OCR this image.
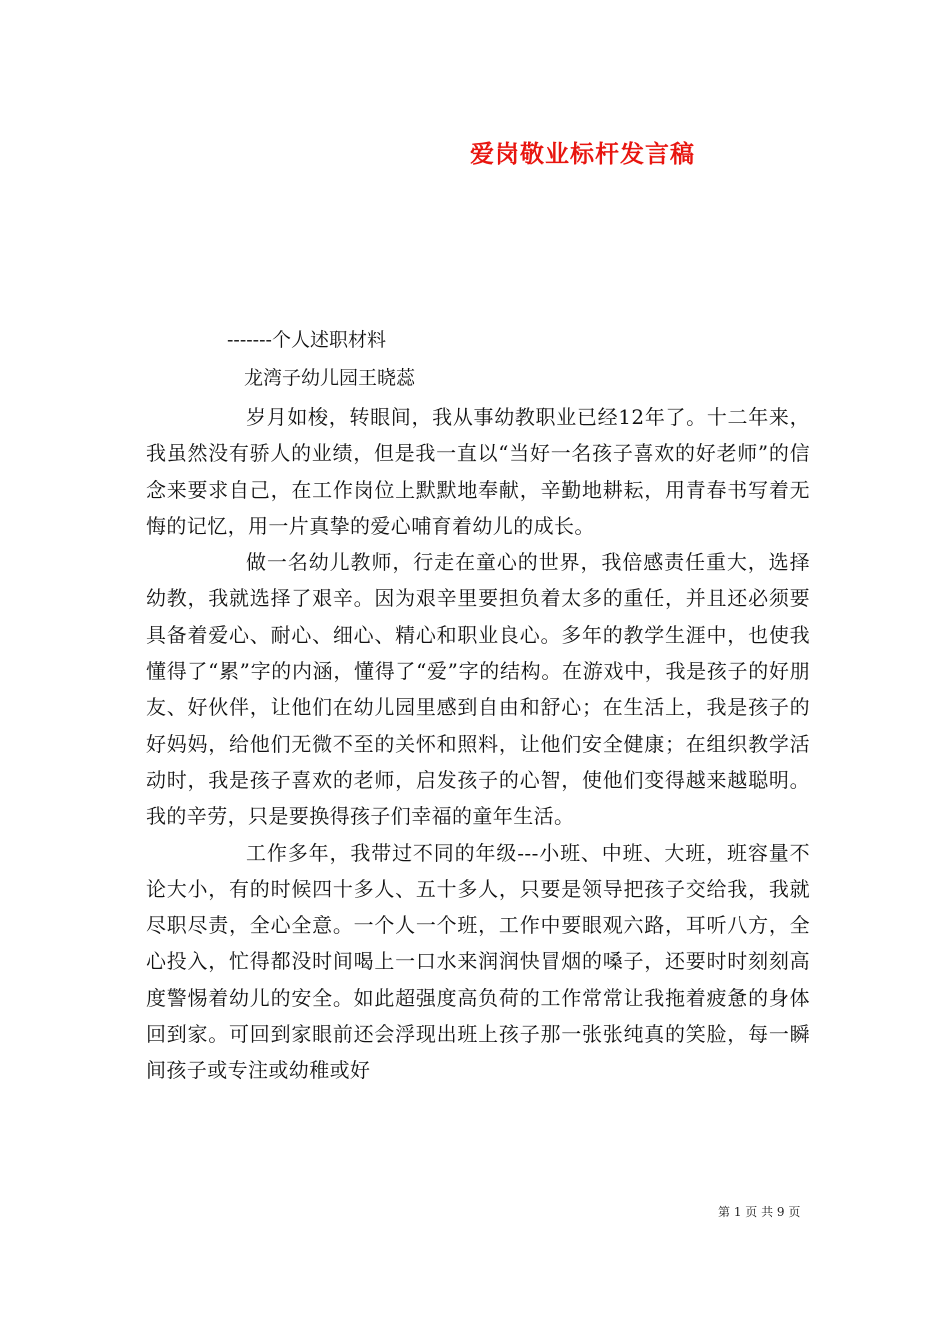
爱岗敬业标杆发言稿
-------个人述职材料
龙湾子幼儿园王晓蕊

岁月如梭，转眼间，我从事幼教职业已经12年了。十二年来，我虽然没有骄人的业绩，但是我一直以“当好一名孩子喜欢的好老师”的信念来要求自己，在工作岗位上默默地奉献，辛勤地耕耘，用青春书写着无悔的记忆，用一片真挚的爱心哺育着幼儿的成长。

做一名幼儿教师，行走在童心的世界，我倍感责任重大，选择幼教，我就选择了艰辛。因为艰辛里要担负着太多的重任，并且还必须要具备着爱心、耐心、细心、精心和职业良心。多年的教学生涯中，也使我懂得了“累”字的内涵，懂得了“爱”字的结构。在游戏中，我是孩子的好朋友、好伙伴，让他们在幼儿园里感到自由和舒心；在生活上，我是孩子的好妈妈，给他们无微不至的关怀和照料，让他们安全健康；在组织教学活动时，我是孩子喜欢的老师，启发孩子的心智，使他们变得越来越聪明。我的辛劳，只是要换得孩子们幸福的童年生活。

工作多年，我带过不同的年级---小班、中班、大班，班容量不论大小，有的时候四十多人、五十多人，只要是领导把孩子交给我，我就尽职尽责，全心全意。一个人一个班，工作中要眼观六路，耳听八方，全心投入，忙得都没时间喝上一口水来润润快冒烟的嗓子，还要时时刻刻高度警惕着幼儿的安全。如此超强度高负荷的工作常常让我拖着疲惫的身体回到家。可回到家眼前还会浮现出班上孩子那一张张纯真的笑脸，每一瞬间孩子或专注或幼稚或好

第 1 页 共 9 页
